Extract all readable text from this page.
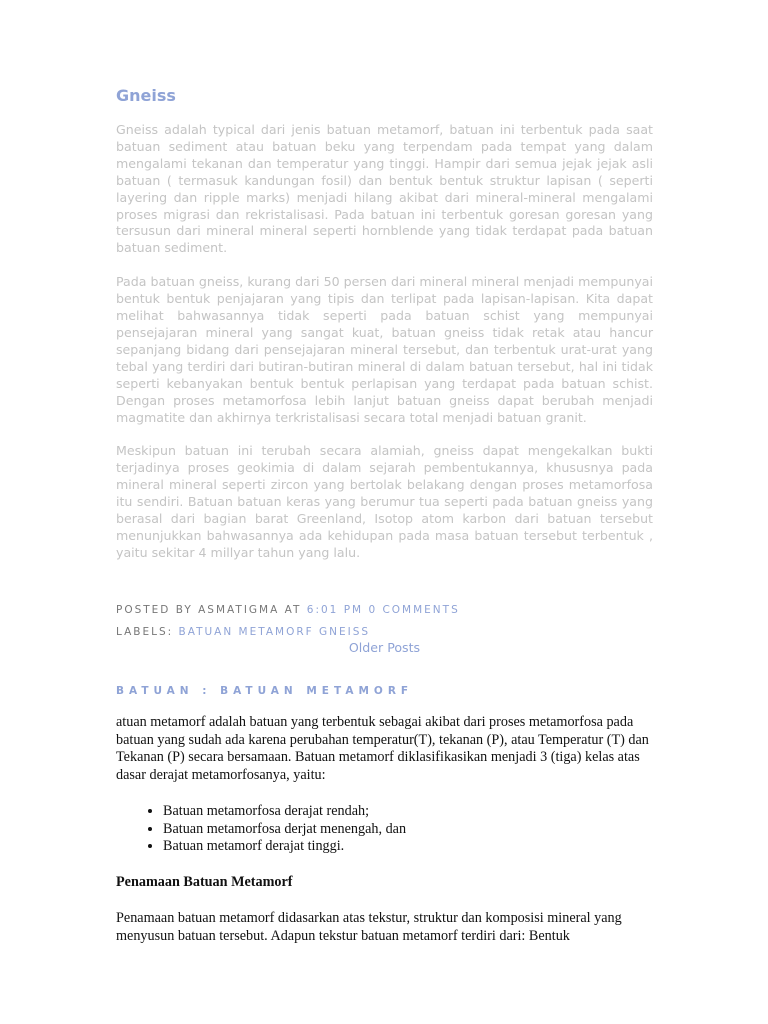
Gneiss

Gneiss adalah typical dari jenis batuan metamorf, batuan ini terbentuk pada saat batuan sediment atau batuan beku yang terpendam pada tempat yang dalam mengalami tekanan dan temperatur yang tinggi. Hampir dari semua jejak jejak asli batuan ( termasuk kandungan fosil) dan bentuk bentuk struktur lapisan ( seperti layering dan ripple marks) menjadi hilang akibat dari mineral-mineral mengalami proses migrasi dan rekristalisasi. Pada batuan ini terbentuk goresan goresan yang tersusun dari mineral mineral seperti hornblende yang tidak terdapat pada batuan batuan sediment.

Pada batuan gneiss, kurang dari 50 persen dari mineral mineral menjadi mempunyai bentuk bentuk penjajaran yang tipis dan terlipat pada lapisan-lapisan. Kita dapat melihat bahwasannya tidak seperti pada batuan schist yang mempunyai pensejajaran mineral yang sangat kuat, batuan gneiss tidak retak atau hancur sepanjang bidang dari pensejajaran mineral tersebut, dan terbentuk urat-urat yang tebal yang terdiri dari butiran-butiran mineral di dalam batuan tersebut, hal ini tidak seperti kebanyakan bentuk bentuk perlapisan yang terdapat pada batuan schist. Dengan proses metamorfosa lebih lanjut batuan gneiss dapat berubah menjadi magmatite dan akhirnya terkristalisasi secara total menjadi batuan granit.

Meskipun batuan ini terubah secara alamiah, gneiss dapat mengekalkan bukti terjadinya proses geokimia di dalam sejarah pembentukannya, khususnya pada mineral mineral seperti zircon yang bertolak belakang dengan proses metamorfosa itu sendiri. Batuan batuan keras yang berumur tua seperti pada batuan gneiss yang berasal dari bagian barat Greenland, Isotop atom karbon dari batuan tersebut menunjukkan bahwasannya ada kehidupan pada masa batuan tersebut terbentuk , yaitu sekitar 4 millyar tahun yang lalu.

POSTED BY ASMATIGMA AT 6:01 PM 0 COMMENTS
LABELS: BATUAN METAMORF GNEISS
Older Posts
BATUAN : BATUAN METAMORF

atuan metamorf adalah batuan yang terbentuk sebagai akibat dari proses metamorfosa pada batuan yang sudah ada karena perubahan temperatur(T), tekanan (P), atau Temperatur (T) dan Tekanan (P) secara bersamaan. Batuan metamorf diklasifikasikan menjadi 3 (tiga) kelas atas dasar derajat metamorfosanya, yaitu:

• Batuan metamorfosa derajat rendah;
• Batuan metamorfosa derjat menengah, dan
• Batuan metamorf derajat tinggi.
Penamaan Batuan Metamorf

Penamaan batuan metamorf didasarkan atas tekstur, struktur dan komposisi mineral yang menyusun batuan tersebut. Adapun tekstur batuan metamorf terdiri dari: Bentuk
